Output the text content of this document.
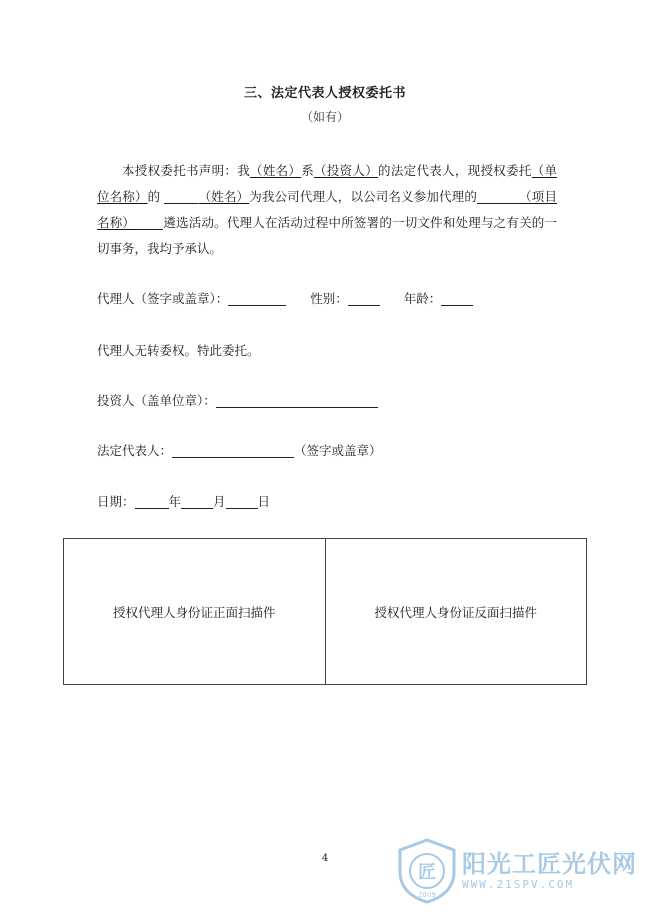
三、法定代表人授权委托书
（如有）
本授权委托书声明：我（姓名）系（投资人）的法定代表人，现授权委托（单位名称）的	（姓名）为我公司代理人，以公司名义参加代理的	（项目名称） 遴选活动。代理人在活动过程中所签署的一切文件和处理与之有关的一切事务，我均予承认。
代理人（签字或盖章）：	性别：	年龄：
代理人无转委权。特此委托。
投资人（盖单位章）：
法定代表人：	（签字或盖章）
日期：	年	月	日
授权代理人身份证正面扫描件	授权代理人身份证反面扫描件
4
匠
2009
阳光工匠光伏网
WWW.21SPV.COM
